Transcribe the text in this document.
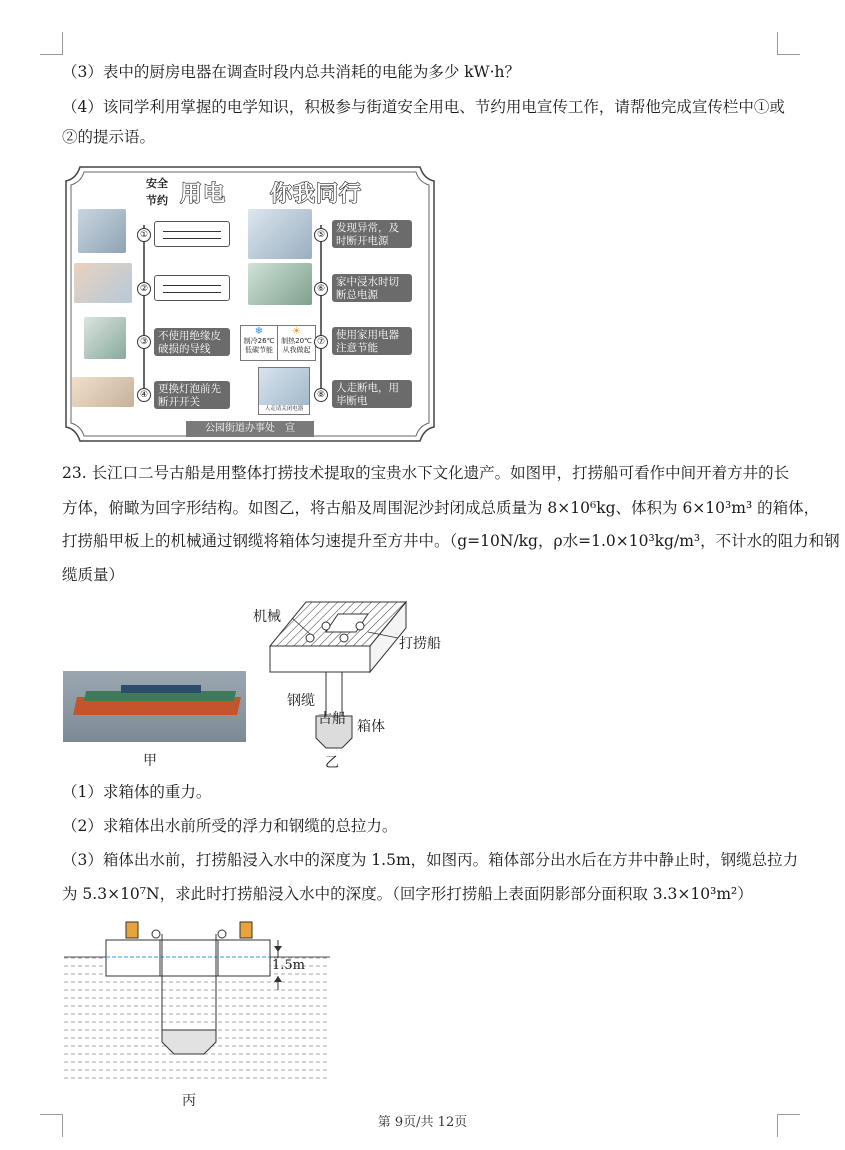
（3）表中的厨房电器在调查时段内总共消耗的电能为多少 kW·h？
（4）该同学利用掌握的电学知识，积极参与街道安全用电、节约用电宣传工作，请帮他完成宣传栏中①或
②的提示语。
安全
节约 用电 你我同行
①
②
③
④
不使用绝缘皮破损的导线
更换灯泡前先断开开关
❄
制冷26℃
低碳节能
☀
制热20℃
从我做起
人走请关闭电器
⑤
⑥
⑦
⑧
发现异常，及时断开电源
家中浸水时切断总电源
使用家用电器注意节能
人走断电，用毕断电
公园街道办事处　宣
23. 长江口二号古船是用整体打捞技术提取的宝贵水下文化遗产。如图甲，打捞船可看作中间开着方井的长
方体，俯瞰为回字形结构。如图乙，将古船及周围泥沙封闭成总质量为 8×10⁶kg、体积为 6×10³m³ 的箱体，
打捞船甲板上的机械通过钢缆将箱体匀速提升至方井中。（g=10N/kg，ρ水=1.0×10³kg/m³，不计水的阻力和钢
缆质量）
甲
机械
打捞船
钢缆
古船 箱体
乙
（1）求箱体的重力。
（2）求箱体出水前所受的浮力和钢缆的总拉力。
（3）箱体出水前，打捞船浸入水中的深度为 1.5m，如图丙。箱体部分出水后在方井中静止时，钢缆总拉力
为 5.3×10⁷N，求此时打捞船浸入水中的深度。（回字形打捞船上表面阴影部分面积取 3.3×10³m²）
1.5m
丙
第 9页/共 12页
